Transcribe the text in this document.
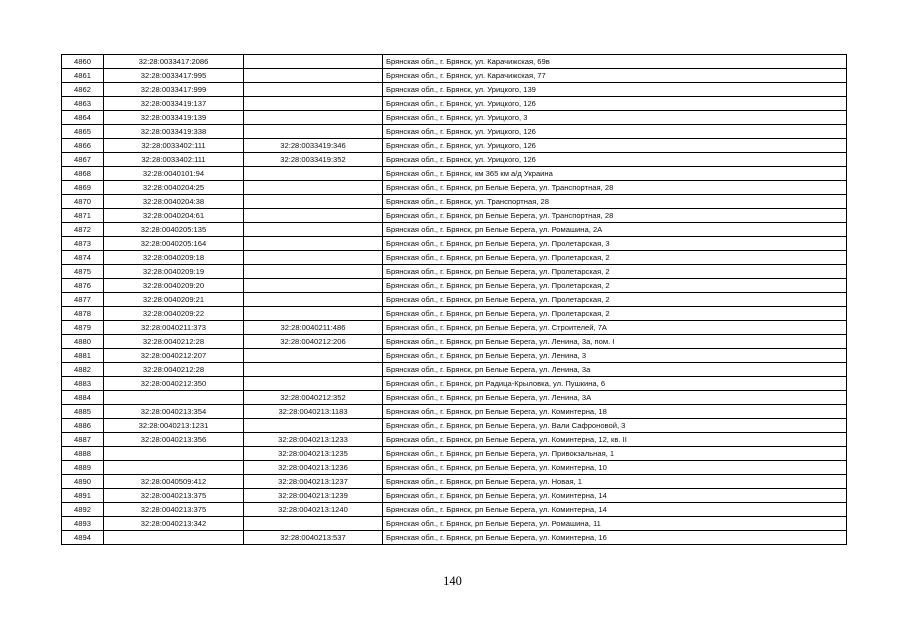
4860	32:28:0033417:2086		Брянская обл., г. Брянск, ул. Карачижская, 69в
4861	32:28:0033417:995		Брянская обл., г. Брянск, ул. Карачижская, 77
4862	32:28:0033417:999		Брянская обл., г. Брянск, ул. Урицкого, 139
4863	32:28:0033419:137		Брянская обл., г. Брянск, ул. Урицкого, 126
4864	32:28:0033419:139		Брянская обл., г. Брянск, ул. Урицкого, 3
4865	32:28:0033419:338		Брянская обл., г. Брянск, ул. Урицкого, 126
4866	32:28:0033402:111	32:28:0033419:346	Брянская обл., г. Брянск, ул. Урицкого, 126
4867	32:28:0033402:111	32:28:0033419:352	Брянская обл., г. Брянск, ул. Урицкого, 126
4868	32:28:0040101:94		Брянская обл., г. Брянск, км 365 км а/д Украина
4869	32:28:0040204:25		Брянская обл., г. Брянск, рп Белые Берега, ул. Транспортная, 28
4870	32:28:0040204:38		Брянская обл., г. Брянск, ул. Транспортная, 28
4871	32:28:0040204:61		Брянская обл., г. Брянск, рп Белые Берега, ул. Транспортная, 28
4872	32:28:0040205:135		Брянская обл., г. Брянск, рп Белые Берега, ул. Ромашина, 2А
4873	32:28:0040205:164		Брянская обл., г. Брянск, рп Белые Берега, ул. Пролетарская, 3
4874	32:28:0040209:18		Брянская обл., г. Брянск, рп Белые Берега, ул. Пролетарская, 2
4875	32:28:0040209:19		Брянская обл., г. Брянск, рп Белые Берега, ул. Пролетарская, 2
4876	32:28:0040209:20		Брянская обл., г. Брянск, рп Белые Берега, ул. Пролетарская, 2
4877	32:28:0040209:21		Брянская обл., г. Брянск, рп Белые Берега, ул. Пролетарская, 2
4878	32:28:0040209:22		Брянская обл., г. Брянск, рп Белые Берега, ул. Пролетарская, 2
4879	32:28:0040211:373	32:28:0040211:486	Брянская обл., г. Брянск, рп Белые Берега, ул. Строителей, 7А
4880	32:28:0040212:28	32:28:0040212:206	Брянская обл., г. Брянск, рп Белые Берега, ул. Ленина, 3а, пом. I
4881	32:28:0040212:207		Брянская обл., г. Брянск, рп Белые Берега, ул. Ленина, 3
4882	32:28:0040212:28		Брянская обл., г. Брянск, рп Белые Берега, ул. Ленина, 3а
4883	32:28:0040212:350		Брянская обл., г. Брянск, рп Радица-Крыловка, ул. Пушкина, 6
4884		32:28:0040212:352	Брянская обл., г. Брянск, рп Белые Берега, ул. Ленина, 3А
4885	32:28:0040213:354	32:28:0040213:1183	Брянская обл., г. Брянск, рп Белые Берега, ул. Коминтерна, 18
4886	32:28:0040213:1231		Брянская обл., г. Брянск, рп Белые Берега, ул. Вали Сафроновой, 3
4887	32:28:0040213:356	32:28:0040213:1233	Брянская обл., г. Брянск, рп Белые Берега, ул. Коминтерна, 12, кв. II
4888		32:28:0040213:1235	Брянская обл., г. Брянск, рп Белые Берега, ул. Привокзальная, 1
4889		32:28:0040213:1236	Брянская обл., г. Брянск, рп Белые Берега, ул. Коминтерна, 10
4890	32:28:0040509:412	32:28:0040213:1237	Брянская обл., г. Брянск, рп Белые Берега, ул. Новая, 1
4891	32:28:0040213:375	32:28:0040213:1239	Брянская обл., г. Брянск, рп Белые Берега, ул. Коминтерна, 14
4892	32:28:0040213:375	32:28:0040213:1240	Брянская обл., г. Брянск, рп Белые Берега, ул. Коминтерна, 14
4893	32:28:0040213:342		Брянская обл., г. Брянск, рп Белые Берега, ул. Ромашина, 11
4894		32:28:0040213:537	Брянская обл., г. Брянск, рп Белые Берега, ул. Коминтерна, 16
140
